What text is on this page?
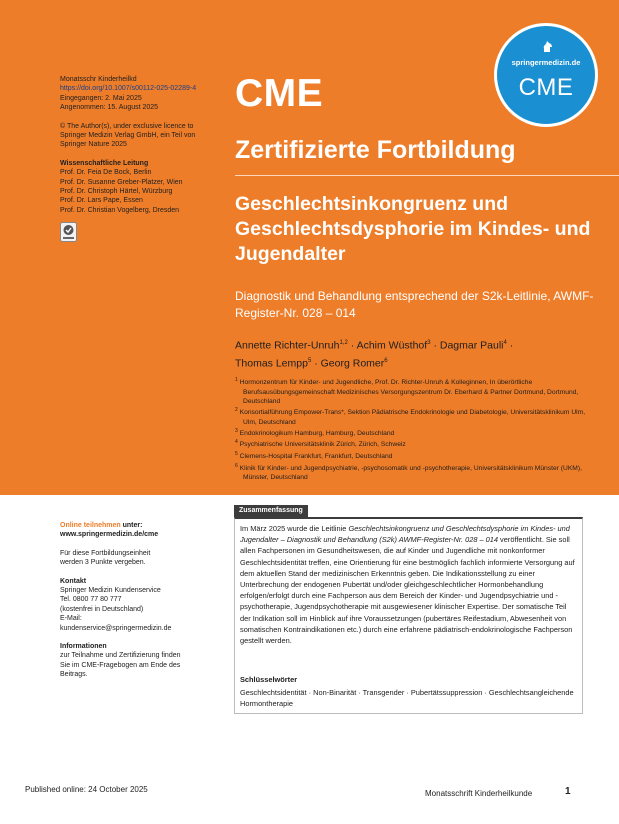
springermedizin.de
CME
Monatsschr Kinderheilkd
https://doi.org/10.1007/s00112-025-02289-4
Eingegangen: 2. Mai 2025
Angenommen: 15. August 2025
© The Author(s), under exclusive licence to
Springer Medizin Verlag GmbH, ein Teil von
Springer Nature 2025
Wissenschaftliche Leitung
Prof. Dr. Feia De Bock, Berlin
Prof. Dr. Susanne Greber-Platzer, Wien
Prof. Dr. Christoph Härtel, Würzburg
Prof. Dr. Lars Pape, Essen
Prof. Dr. Christian Vogelberg, Dresden
CME
Zertifizierte Fortbildung
Geschlechtsinkongruenz und Geschlechtsdysphorie im Kindes- und Jugendalter
Diagnostik und Behandlung entsprechend der S2k-Leitlinie, AWMF-Register-Nr. 028 – 014
Annette Richter-Unruh$^{1,2}$ · Achim Wüsthof$^3$ · Dagmar Pauli$^4$ ·
Thomas Lempp$^5$ · Georg Romer$^6$
$^1$ Hormonzentrum für Kinder- und Jugendliche, Prof. Dr. Richter-Unruh & Kolleginnen, In überörtliche Berufsausübungsgemeinschaft Medizinisches Versorgungszentrum Dr. Eberhard & Partner Dortmund, Dortmund, Deutschland
$^2$ Konsortialführung Empower-Trans*, Sektion Pädiatrische Endokrinologie und Diabetologie, Universitätsklinikum Ulm, Ulm, Deutschland
$^3$ Endokrinologikum Hamburg, Hamburg, Deutschland
$^4$ Psychiatrische Universitätsklinik Zürich, Zürich, Schweiz
$^5$ Clemens-Hospital Frankfurt, Frankfurt, Deutschland
$^6$ Klinik für Kinder- und Jugendpsychiatrie, -psychosomatik und -psychotherapie, Universitätsklinikum Münster (UKM), Münster, Deutschland
Zusammenfassung
Im März 2025 wurde die Leitlinie Geschlechtsinkongruenz und Geschlechtsdysphorie im Kindes- und Jugendalter – Diagnostik und Behandlung (S2k) AWMF-Register-Nr. 028 – 014 veröffentlicht. Sie soll allen Fachpersonen im Gesundheitswesen, die auf Kinder und Jugendliche mit nonkonformer Geschlechtsidentität treffen, eine Orientierung für eine bestmöglich fachlich informierte Versorgung auf dem aktuellen Stand der medizinischen Erkenntnis geben. Die Indikationsstellung zu einer Unterbrechung der endogenen Pubertät und/oder gleichgeschlechtlicher Hormonbehandlung erfolgen/erfolgt durch eine Fachperson aus dem Bereich der Kinder- und Jugendpsychiatrie und -psychotherapie, Jugendpsychotherapie mit ausgewiesener klinischer Expertise. Der somatische Teil der Indikation soll im Hinblick auf ihre Voraussetzungen (pubertäres Reifestadium, Abwesenheit von somatischen Kontraindikationen etc.) durch eine erfahrene pädiatrisch-endokrinologische Fachperson gestellt werden.
Schlüsselwörter
Geschlechtsidentität · Non-Binarität · Transgender · Pubertätssuppression · Geschlechtsangleichende Hormontherapie
Online teilnehmen unter:
www.springermedizin.de/cme
Für diese Fortbildungseinheit
werden 3 Punkte vergeben.
Kontakt
Springer Medizin Kundenservice
Tel. 0800 77 80 777
(kostenfrei in Deutschland)
E-Mail:
kundenservice@springermedizin.de
Informationen
zur Teilnahme und Zertifizierung finden
Sie im CME-Fragebogen am Ende des
Beitrags.
Published online: 24 October 2025	Monatsschrift Kinderheilkunde	1
